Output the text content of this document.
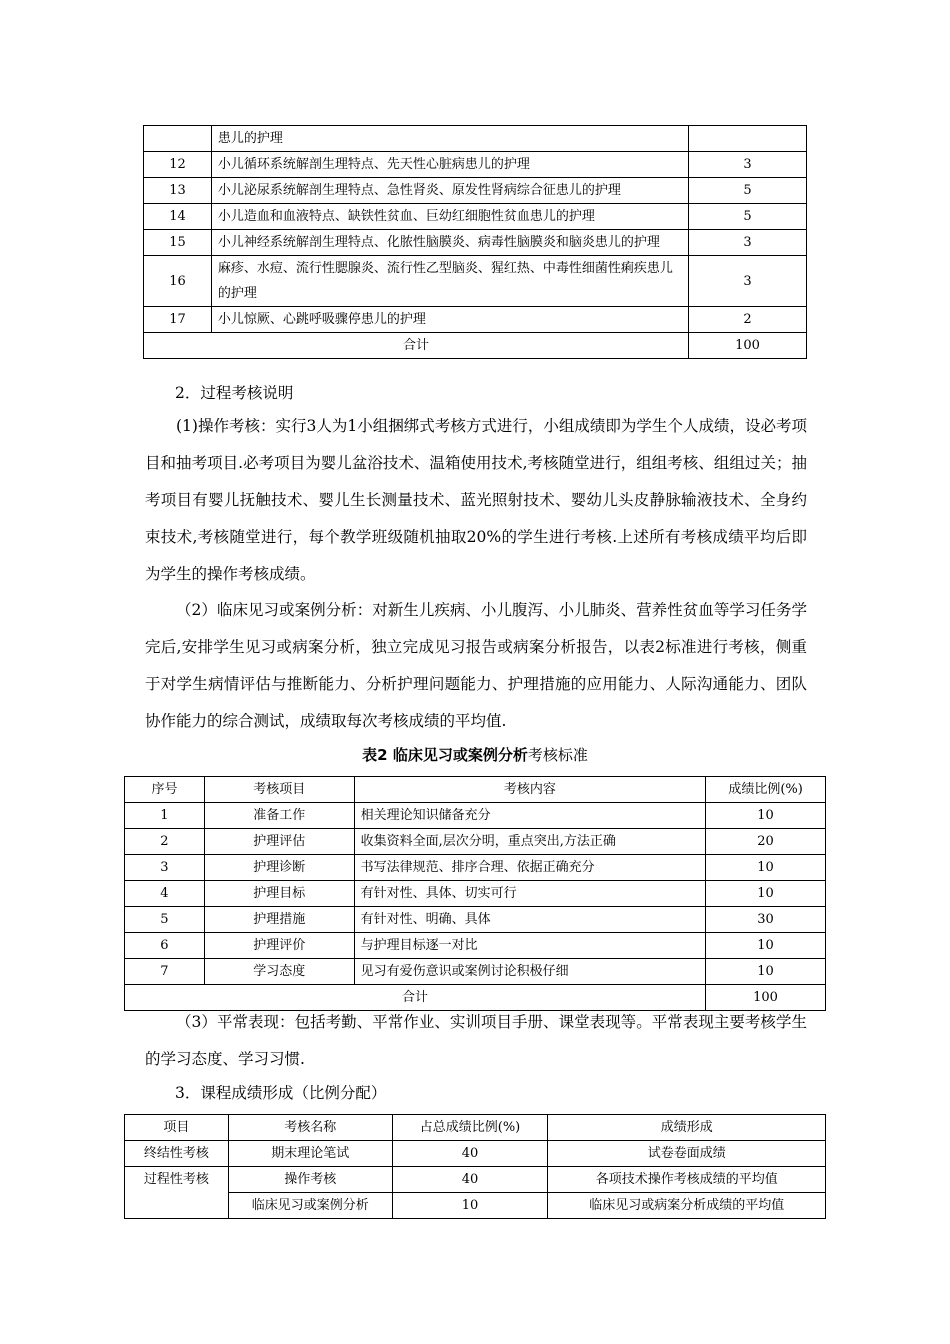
	患儿的护理	
12	小儿循环系统解剖生理特点、先天性心脏病患儿的护理	3
13	小儿泌尿系统解剖生理特点、急性肾炎、原发性肾病综合征患儿的护理	5
14	小儿造血和血液特点、缺铁性贫血、巨幼红细胞性贫血患儿的护理	5
15	小儿神经系统解剖生理特点、化脓性脑膜炎、病毒性脑膜炎和脑炎患儿的护理	3
16	麻疹、水痘、流行性腮腺炎、流行性乙型脑炎、猩红热、中毒性细菌性痢疾患儿的护理	3
17	小儿惊厥、心跳呼吸骤停患儿的护理	2
合计		100

2．过程考核说明

(1)操作考核：实行3人为1小组捆绑式考核方式进行，小组成绩即为学生个人成绩，设必考项目和抽考项目.必考项目为婴儿盆浴技术、温箱使用技术,考核随堂进行，组组考核、组组过关；抽考项目有婴儿抚触技术、婴儿生长测量技术、蓝光照射技术、婴幼儿头皮静脉输液技术、全身约束技术,考核随堂进行，每个教学班级随机抽取20%的学生进行考核.上述所有考核成绩平均后即为学生的操作考核成绩。

（2）临床见习或案例分析：对新生儿疾病、小儿腹泻、小儿肺炎、营养性贫血等学习任务学完后,安排学生见习或病案分析，独立完成见习报告或病案分析报告，以表2标准进行考核，侧重于对学生病情评估与推断能力、分析护理问题能力、护理措施的应用能力、人际沟通能力、团队协作能力的综合测试，成绩取每次考核成绩的平均值.

表2 临床见习或案例分析考核标准

序号	考核项目	考核内容	成绩比例(%)
1	准备工作	相关理论知识储备充分	10
2	护理评估	收集资料全面,层次分明，重点突出,方法正确	20
3	护理诊断	书写法律规范、排序合理、依据正确充分	10
4	护理目标	有针对性、具体、切实可行	10
5	护理措施	有针对性、明确、具体	30
6	护理评价	与护理目标逐一对比	10
7	学习态度	见习有爱伤意识或案例讨论积极仔细	10
合计			100

（3）平常表现：包括考勤、平常作业、实训项目手册、课堂表现等。平常表现主要考核学生的学习态度、学习习惯.

3．课程成绩形成（比例分配）

项目	考核名称	占总成绩比例(%)	成绩形成
终结性考核	期末理论笔试	40	试卷卷面成绩
过程性考核	操作考核	40	各项技术操作考核成绩的平均值
	临床见习或案例分析	10	临床见习或病案分析成绩的平均值
